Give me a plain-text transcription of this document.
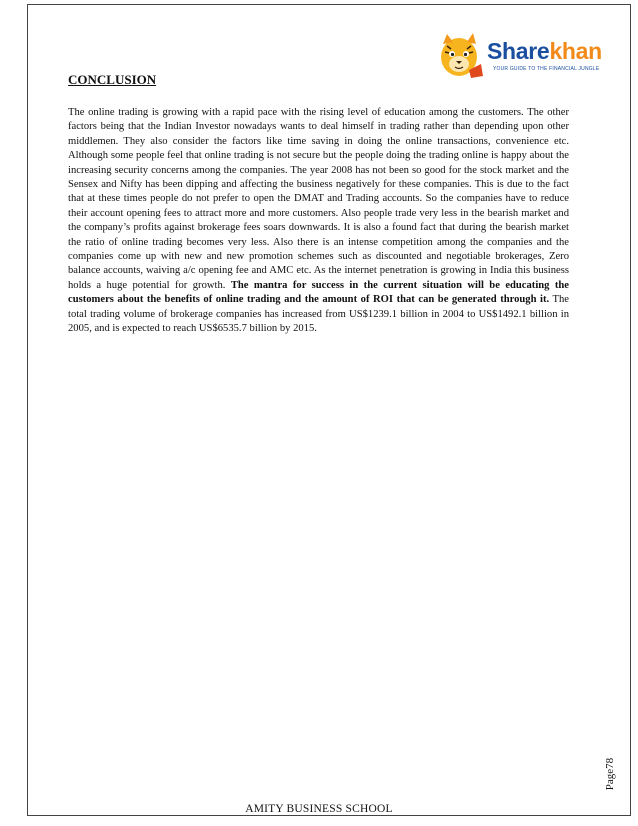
Sharekhan
YOUR GUIDE TO THE FINANCIAL JUNGLE
CONCLUSION

The online trading is growing with a rapid pace with the rising level of education among the customers. The other factors being that the Indian Investor nowadays wants to deal himself in trading rather than depending upon other middlemen. They also consider the factors like time saving in doing the online transactions, convenience etc. Although some people feel that online trading is not secure but the people doing the trading online is happy about the increasing security concerns among the companies. The year 2008 has not been so good for the stock market and the Sensex and Nifty has been dipping and affecting the business negatively for these companies. This is due to the fact that at these times people do not prefer to open the DMAT and Trading accounts. So the companies have to reduce their account opening fees to attract more and more customers. Also people trade very less in the bearish market and the company’s profits against brokerage fees soars downwards. It is also a found fact that during the bearish market the ratio of online trading becomes very less. Also there is an intense competition among the companies and the companies come up with new and new promotion schemes such as discounted and negotiable brokerages, Zero balance accounts, waiving a/c opening fee and AMC etc. As the internet penetration is growing in India this business holds a huge potential for growth. The mantra for success in the current situation will be educating the customers about the benefits of online trading and the amount of ROI that can be generated through it. The total trading volume of brokerage companies has increased from US$1239.1 billion in 2004 to US$1492.1 billion in 2005, and is expected to reach US$6535.7 billion by 2015.

Page78
AMITY BUSINESS SCHOOL
